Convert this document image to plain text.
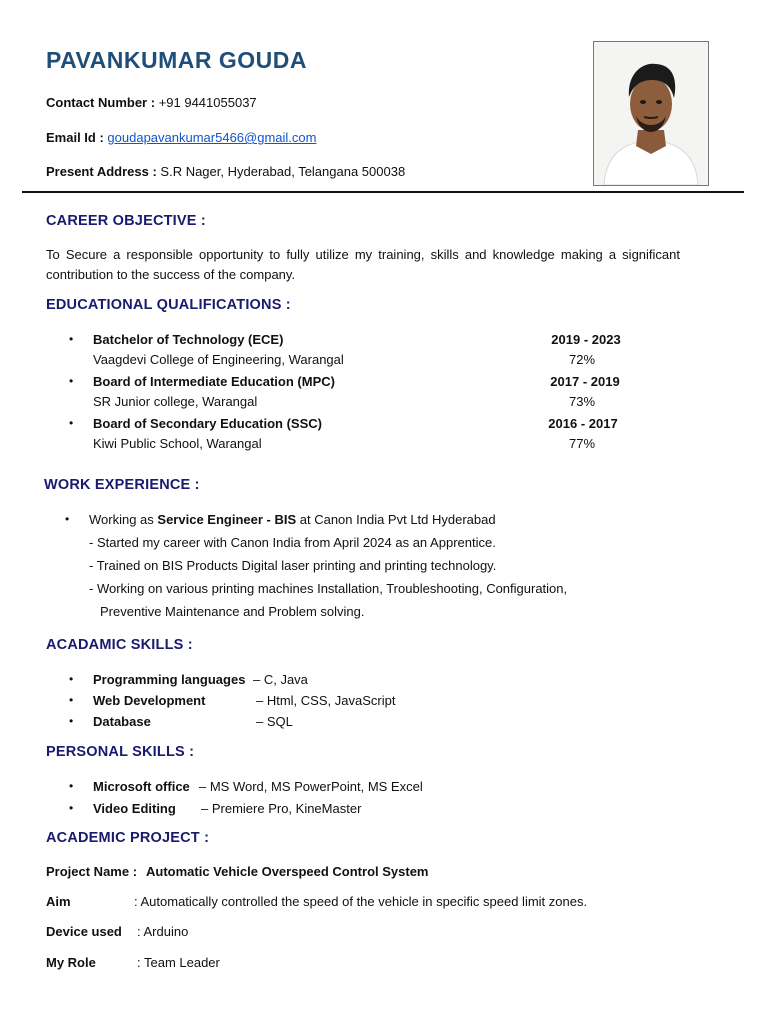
PAVANKUMAR GOUDA
Contact Number : +91 9441055037
Email Id : goudapavankumar5466@gmail.com
Present Address : S.R Nager, Hyderabad, Telangana 500038
CAREER OBJECTIVE :
To Secure a responsible opportunity to fully utilize my training, skills and knowledge making a significant contribution to the success of the company.
EDUCATIONAL QUALIFICATIONS :
• Batchelor of Technology (ECE)	2019 - 2023
Vaagdevi College of Engineering, Warangal	72%
• Board of Intermediate Education (MPC)	2017 - 2019
SR Junior college, Warangal	73%
• Board of Secondary Education (SSC)	2016 - 2017
Kiwi Public School, Warangal	77%
WORK EXPERIENCE :
• Working as Service Engineer - BIS at Canon India Pvt Ltd Hyderabad
- Started my career with Canon India from April 2024 as an Apprentice.
- Trained on BIS Products Digital laser printing and printing technology.
- Working on various printing machines Installation, Troubleshooting, Configuration,
Preventive Maintenance and Problem solving.
ACADAMIC SKILLS :
• Programming languages – C, Java
• Web Development	– Html, CSS, JavaScript
• Database	– SQL
PERSONAL SKILLS :
• Microsoft office – MS Word, MS PowerPoint, MS Excel
• Video Editing – Premiere Pro, KineMaster
ACADEMIC PROJECT :
Project Name : Automatic Vehicle Overspeed Control System
Aim	: Automatically controlled the speed of the vehicle in specific speed limit zones.
Device used : Arduino
My Role	: Team Leader
